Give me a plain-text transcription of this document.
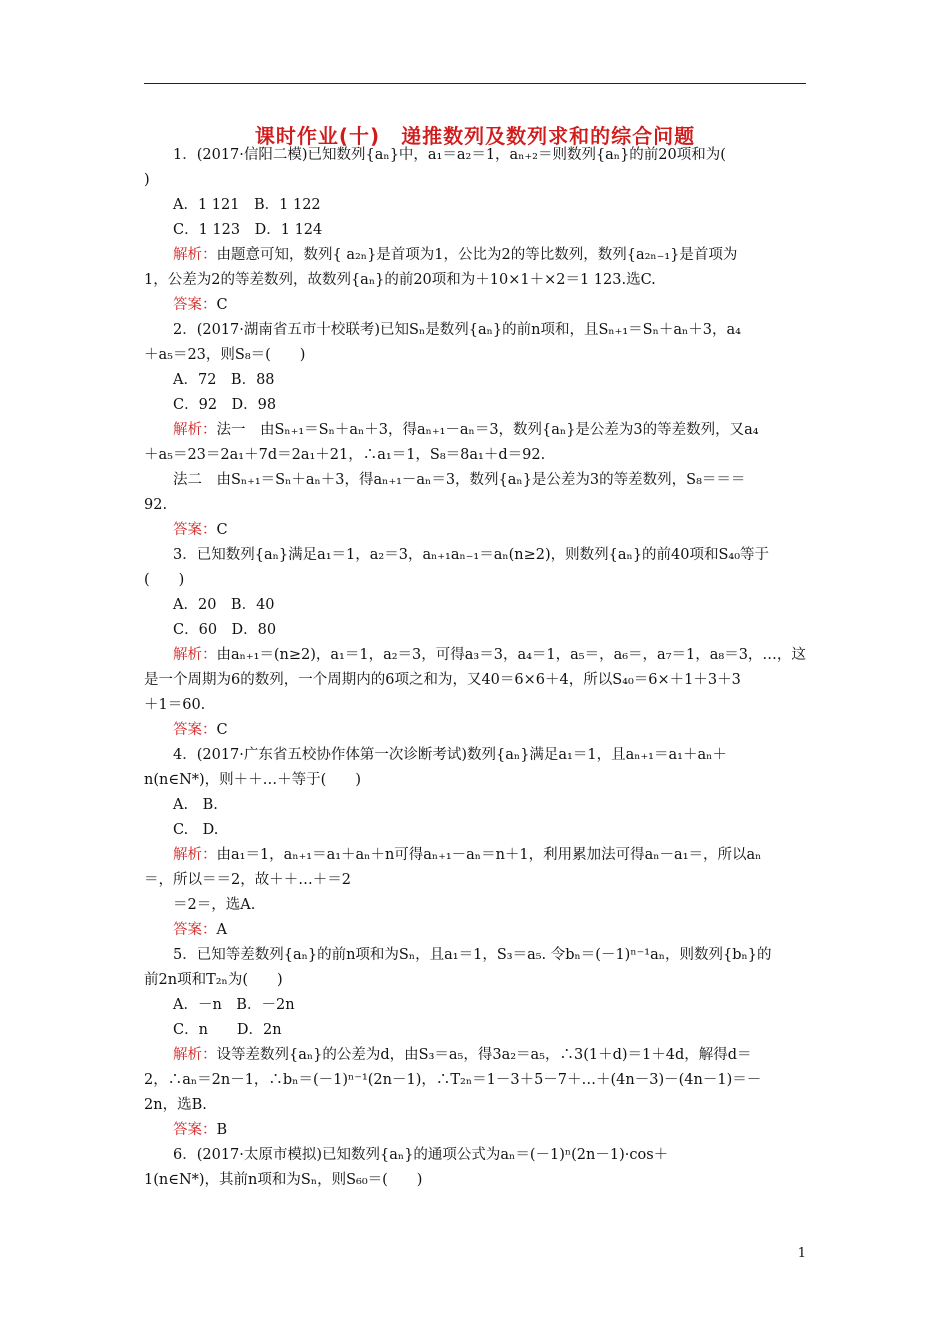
课时作业(十)　递推数列及数列求和的综合问题
1．(2017·信阳二模)已知数列{aₙ}中，a₁＝a₂＝1，aₙ₊₂＝则数列{aₙ}的前20项和为(
)
A．1 121　B．1 122
C．1 123　D．1 124
解析：由题意可知，数列{ a₂ₙ}是首项为1，公比为2的等比数列，数列{a₂ₙ₋₁}是首项为
1，公差为2的等差数列，故数列{aₙ}的前20项和为＋10×1＋×2＝1 123.选C.
答案：C
2．(2017·湖南省五市十校联考)已知Sₙ是数列{aₙ}的前n项和，且Sₙ₊₁＝Sₙ＋aₙ＋3，a₄
＋a₅＝23，则S₈＝(　　)
A．72　B．88
C．92　D．98
解析：法一　由Sₙ₊₁＝Sₙ＋aₙ＋3，得aₙ₊₁－aₙ＝3，数列{aₙ}是公差为3的等差数列，又a₄
＋a₅＝23＝2a₁＋7d＝2a₁＋21，∴a₁＝1，S₈＝8a₁＋d＝92.
法二　由Sₙ₊₁＝Sₙ＋aₙ＋3，得aₙ₊₁－aₙ＝3，数列{aₙ}是公差为3的等差数列，S₈＝＝＝
92.
答案：C
3．已知数列{aₙ}满足a₁＝1，a₂＝3，aₙ₊₁aₙ₋₁＝aₙ(n≥2)，则数列{aₙ}的前40项和S₄₀等于
(　　)
A．20　B．40
C．60　D．80
解析：由aₙ₊₁＝(n≥2)，a₁＝1，a₂＝3，可得a₃＝3，a₄＝1，a₅＝，a₆＝，a₇＝1，a₈＝3，…，这
是一个周期为6的数列，一个周期内的6项之和为，又40＝6×6＋4，所以S₄₀＝6×＋1＋3＋3
＋1＝60.
答案：C
4．(2017·广东省五校协作体第一次诊断考试)数列{aₙ}满足a₁＝1，且aₙ₊₁＝a₁＋aₙ＋
n(n∈N*)，则＋＋…＋等于(　　)
A.　B.
C.　D.
解析：由a₁＝1，aₙ₊₁＝a₁＋aₙ＋n可得aₙ₊₁－aₙ＝n＋1，利用累加法可得aₙ－a₁＝，所以aₙ
＝，所以＝＝2，故＋＋…＋＝2
＝2＝，选A.
答案：A
5．已知等差数列{aₙ}的前n项和为Sₙ，且a₁＝1，S₃＝a₅. 令bₙ＝(－1)ⁿ⁻¹aₙ，则数列{bₙ}的
前2n项和T₂ₙ为(　　)
A．－n　B．－2n
C．n　　D．2n
解析：设等差数列{aₙ}的公差为d，由S₃＝a₅，得3a₂＝a₅，∴3(1＋d)＝1＋4d，解得d＝
2，∴aₙ＝2n－1，∴bₙ＝(－1)ⁿ⁻¹(2n－1)，∴T₂ₙ＝1－3＋5－7＋…＋(4n－3)－(4n－1)＝－
2n，选B.
答案：B
6．(2017·太原市模拟)已知数列{aₙ}的通项公式为aₙ＝(－1)ⁿ(2n－1)·cos＋
1(n∈N*)，其前n项和为Sₙ，则S₆₀＝(　　)
1
